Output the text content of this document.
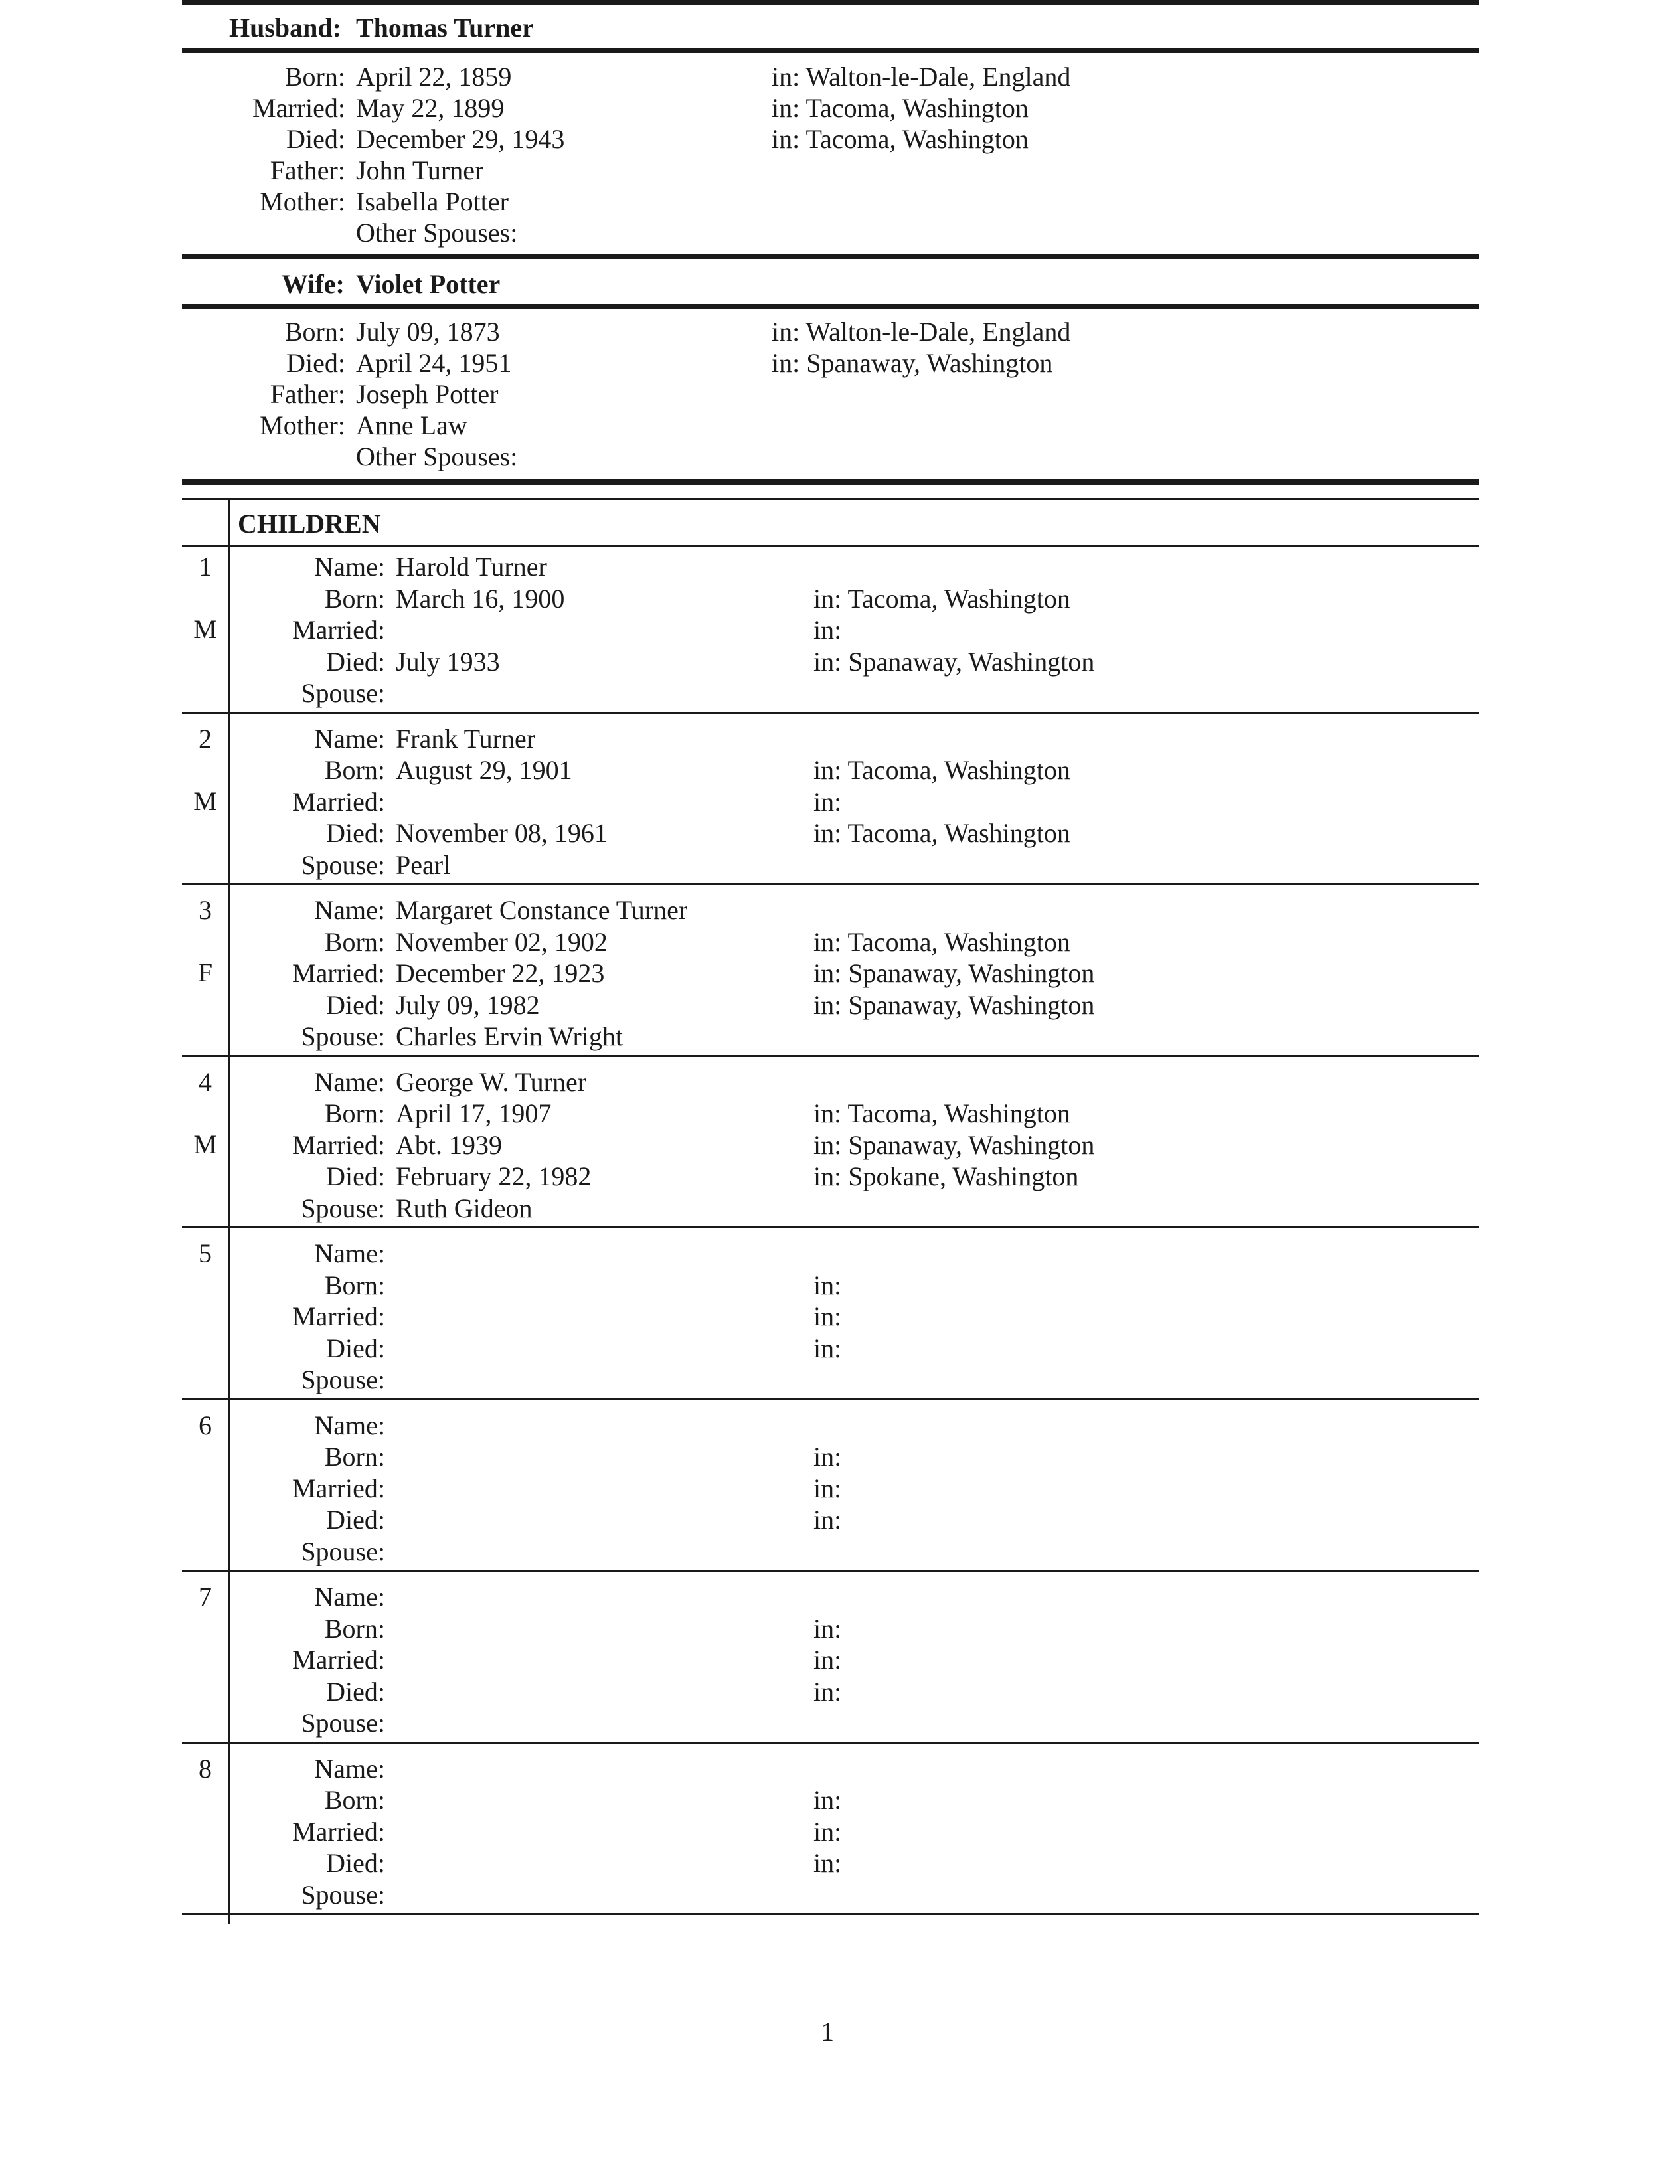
Husband: Thomas Turner
Born: April 22, 1859	in: Walton-le-Dale, England
Married: May 22, 1899	in: Tacoma, Washington
Died: December 29, 1943	in: Tacoma, Washington
Father: John Turner
Mother: Isabella Potter
Other Spouses:
Wife: Violet Potter
Born: July 09, 1873	in: Walton-le-Dale, England
Died: April 24, 1951	in: Spanaway, Washington
Father: Joseph Potter
Mother: Anne Law
Other Spouses:
CHILDREN
1
M
Name: Harold Turner
Born: March 16, 1900	in: Tacoma, Washington
Married:	in:
Died: July 1933	in: Spanaway, Washington
Spouse:
2
M
Name: Frank Turner
Born: August 29, 1901	in: Tacoma, Washington
Married:	in:
Died: November 08, 1961	in: Tacoma, Washington
Spouse: Pearl
3
F
Name: Margaret Constance Turner
Born: November 02, 1902	in: Tacoma, Washington
Married: December 22, 1923	in: Spanaway, Washington
Died: July 09, 1982	in: Spanaway, Washington
Spouse: Charles Ervin Wright
4
M
Name: George W. Turner
Born: April 17, 1907	in: Tacoma, Washington
Married: Abt. 1939	in: Spanaway, Washington
Died: February 22, 1982	in: Spokane, Washington
Spouse: Ruth Gideon
5	Name:
Born:	in:
Married:	in:
Died:	in:
Spouse:
6	Name:
Born:	in:
Married:	in:
Died:	in:
Spouse:
7	Name:
Born:	in:
Married:	in:
Died:	in:
Spouse:
8	Name:
Born:	in:
Married:	in:
Died:	in:
Spouse:
1
